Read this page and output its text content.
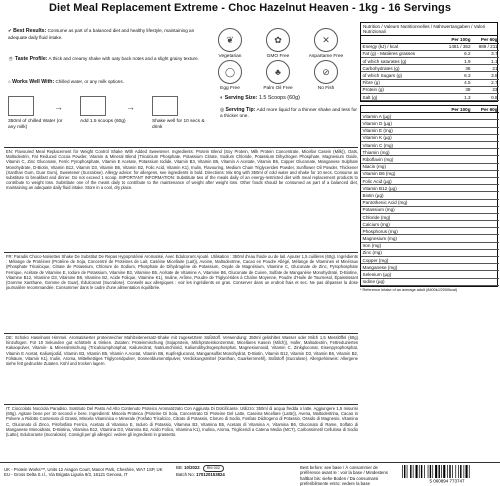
Diet Meal Replacement Extreme - Choc Hazelnut Heaven - 1kg - 16 Servings
✔ Best Results: Consume as part of a balanced diet and healthy lifestyle, maintaining an adequate daily fluid intake.
☕ Taste Profile: A thick and creamy shake with oaty back notes and a slight grainy texture.
⌂ Works Well With: Chilled water, or any milk options.
❦
Vegetarian
✿
GMO Free
✕
Aspartame Free
◯
Egg Free
♣
Palm Oil Free
⊘
No Fish
◐ Serving Size: 1.5 Scoops (60g)
◎ Serving Tip: Add more liquid for a thinner shake and less for a thicker one.
350ml of chilled Water (or any milk)
→
Add 1.5 scoops (60g)
→
Shake well for 10 secs & drink
EN: Flavoured Meal Replacement for Weight Control Shake With Added Sweetener. Ingredients: Protein Blend (Soy Protein, Milk Protein Concentrate, Micellar Casein (Milk)), Oats, Maltodextrin, Fat Reduced Cocoa Powder, Vitamin & Mineral Blend (Tricalcium Phosphate, Potassium Citrate, Sodium Chloride, Potassium Dihydrogen Phosphate, Magnesium Oxide, Vitamin C, Zinc Gluconate, Ferric Pyrophosphate, Vitamin E Acetate, Potassium Iodide, Vitamin B3, Vitamin B5, Vitamin A Acetate, Vitamin B6, Copper Gluconate, Manganese Sulphate Monohydrate, D-Biotin, Vitamin B12, Vitamin D3, Vitamin B6, Vitamin B2, Folic Acid, Vitamin K1), Inulin, Flavouring, Medium Chain Triglycerides Powder, Sunflower Oil Powder, Thickener (Xanthan Gum, Guar Gum), Sweetener (Sucralose). Allergy advice: for allergens, see ingredients in bold. Directions: Mix 60g with 350ml of cold water and shake for 10 secs. Consume as substitute to breakfast and dinner. Do not exceed 1 scoop. IMPORTANT INFORMATION: Substitute two of the meals daily of an energy-restricted diet with meal replacement products to contribute to weight loss. Substitute one of the meals daily to contribute to the maintenance of weight after weight loss. Other foods should be consumed as part of a balanced diet, maintaining an adequate daily fluid intake. Store in a cool, dry place.
FR: Paradis Choco-Noisettes Shake De Substitut De Repas Hypoprotéiné Aromatisé, Avec Édulcorant Ajouté. Utilisation : 350ml d'eau froide ou de lait. Ajouter 1,5 cuillères (60g). Ingrédients : Mélange de Protéines (Protéine de Soja, Concentré de Protéines de Lait, Caséine Micellaire (Lait)), Avoine, Maltodextrine, Cacao en Poudre Allégé, Mélange de Vitamines et Minéraux (Phosphate Tricalcique, Citrate de Potassium, Chlorure de Sodium, Phosphate de Dihydrogène de Potassium, Oxyde de Magnésium, Vitamine C, Gluconate de Zinc, Pyrophosphate Ferrique, Acétate de Vitamine E, Iodure de Potassium, Vitamine B3, Vitamine B5, Acétate de Vitamine A, Vitamine B6, Gluconate de Cuivre, Sulfate de Manganèse Monohydraté, D-Biotine, Vitamine B12, Vitamine D3, Vitamine B6, Vitamine B2, Acide Folique, Vitamine K1), Inuline, Arôme, Poudre de Triglycérides à Chaîne Moyenne, Poudre d'Huile de Tournesol, Épaississant (Gomme Xanthane, Gomme de Guar), Édulcorant (Sucralose). Conseils aux allergiques : voir les ingrédients en gras. Conserver dans un endroit frais et sec. Ne pas dépasser la dose journalière recommandée. Consommer dans le cadre d'une alimentation équilibrée.
DE: Schoko Haselnuss Himmel. Aromatisierter proteinreicher Mahlzeitenersatz-Shake mit zugesetztem Süßstoff. Verwendung: 350ml gekühltes Wasser oder Milch 1,5 Messlöffel (60g) hinzufügen. Für 10 Sekunden gut schütteln & trinken. Zutaten: Proteinmischung (Sojaprotein, Milchproteinkonzentrat, Micellares Kasein (Milch)), Hafer, Maltodextrin, Fettreduziertes Kakaopulver, Vitamin- & Mineralmischung (Tricalciumphosphat, Kaliumcitrat, Natriumchlorid, Kaliumdihydrogenphosphat, Magnesiumoxid, Vitamin C, Zinkgluconat, Eisenpyrophosphat, Vitamin E Acetat, Kaliumjodid, Vitamin B3, Vitamin B5, Vitamin A Acetat, Vitamin B6, Kupfergluconat, Mangansulfat Monohydrat, D-Biotin, Vitamin B12, Vitamin D3, Vitamin B6, Vitamin B2, Folsäure, Vitamin K1), Inulin, Aroma, Mittelkettiges Triglyceridpulver, Sonnenblumenölpulver, Verdickungsmittel (Xanthan, Guarkernmehl), Süßstoff (Sucralose). Allergiehinweis: Allergene siehe fett gedruckte Zutaten. Kühl und trocken lagern.
IT: Cioccolato Nocciola Paradiso. Sostituto Del Pasto Ad Alto Contenuto Proteico Aromatizzato Con Aggiunta Di Dolcificante. Utilizzo: 350ml di acqua fredda o latte. Aggiungere 1,5 misurini (60g). Agitare bene per 10 secondi e bere. Ingredienti: Miscela Proteica (Proteine Di Soia, Concentrato Di Proteine Del Latte, Caseina Micellare (Latte)), Avena, Maltodestrina, Cacao in Polvere a Ridotto Contenuto di Grassi, Miscela Vitaminica e Minerale (Fosfato Tricalcico, Citrato di Potassio, Cloruro di Sodio, Fosfato Diidrogeno di Potassio, Ossido di Magnesio, Vitamina C, Gluconato di Zinco, Pirofosfato Ferrico, Acetato di Vitamina E, Ioduro di Potassio, Vitamina B3, Vitamina B5, Acetato di Vitamina A, Vitamina B6, Gluconato di Rame, Solfato di Manganese Monoidrato, D-Biotina, Vitamina B12, Vitamina D3, Vitamina B2, Acido Folico, Vitamina K1), Inulina, Aroma, Trigliceridi a Catena Media (MCT), Carbossimetil Cellulosa di Sodio (Latte), Edulcorante (Sucralosio). Consigli per gli allergici: vedere gli ingredienti in grassetto.
Nutrition / Valeurs Nutritionnelles / Nährwertangaben / Valori Nutrizionali
	Per 100g	Per 60g
Energy (kJ) / kcal	1481 / 352	889 / 211
Fat (g) - Matières grasses	6.2	3.7
of which saturates (g)	1.9	1.1
Carbohydrates (g)	36	21
of which Sugars (g)	6.3	3.8
Fibre (g)	4.5	2.7
Protein (g)	38	23
Salt (g)	1.3	0.8
	Per 100g	Per 60g
Vitamin A (µg)		
Vitamin D (µg)		
Vitamin E (mg)		
Vitamin K (µg)		
Vitamin C (mg)		
Thiamin (mg)		
Riboflavin (mg)		
Niacin (mg)		
Vitamin B6 (mg)		
Folic Acid (µg)		
Vitamin B12 (µg)		
Biotin (µg)		
Pantothenic Acid (mg)		
Potassium (mg)		
Chloride (mg)		
Calcium (mg)		
Phosphorus (mg)		
Magnesium (mg)		
Iron (mg)		
Zinc (mg)		
Copper (mg)		
Manganese (mg)		
Selenium (µg)		
Iodine (µg)		
* Reference Intake of an average adult (8400kJ/2000kcal)
UK - Protein Works™, Units 12 Aragon Court, Manor Park, Cheshire, WA7 1SP, UK
EU - Gross Delta S.r.l., Via Brigata Liguria 9/3, 16121 Genova, IT
BB: 10/2022 RM 002
Batch No: 170120153824
Best before: see base / À consommer de préférence avant le : voir la base / Mindestens haltbar bis: siehe Boden / Da consumarsi preferibilmente entro: vedere la base	5 060894 773747
